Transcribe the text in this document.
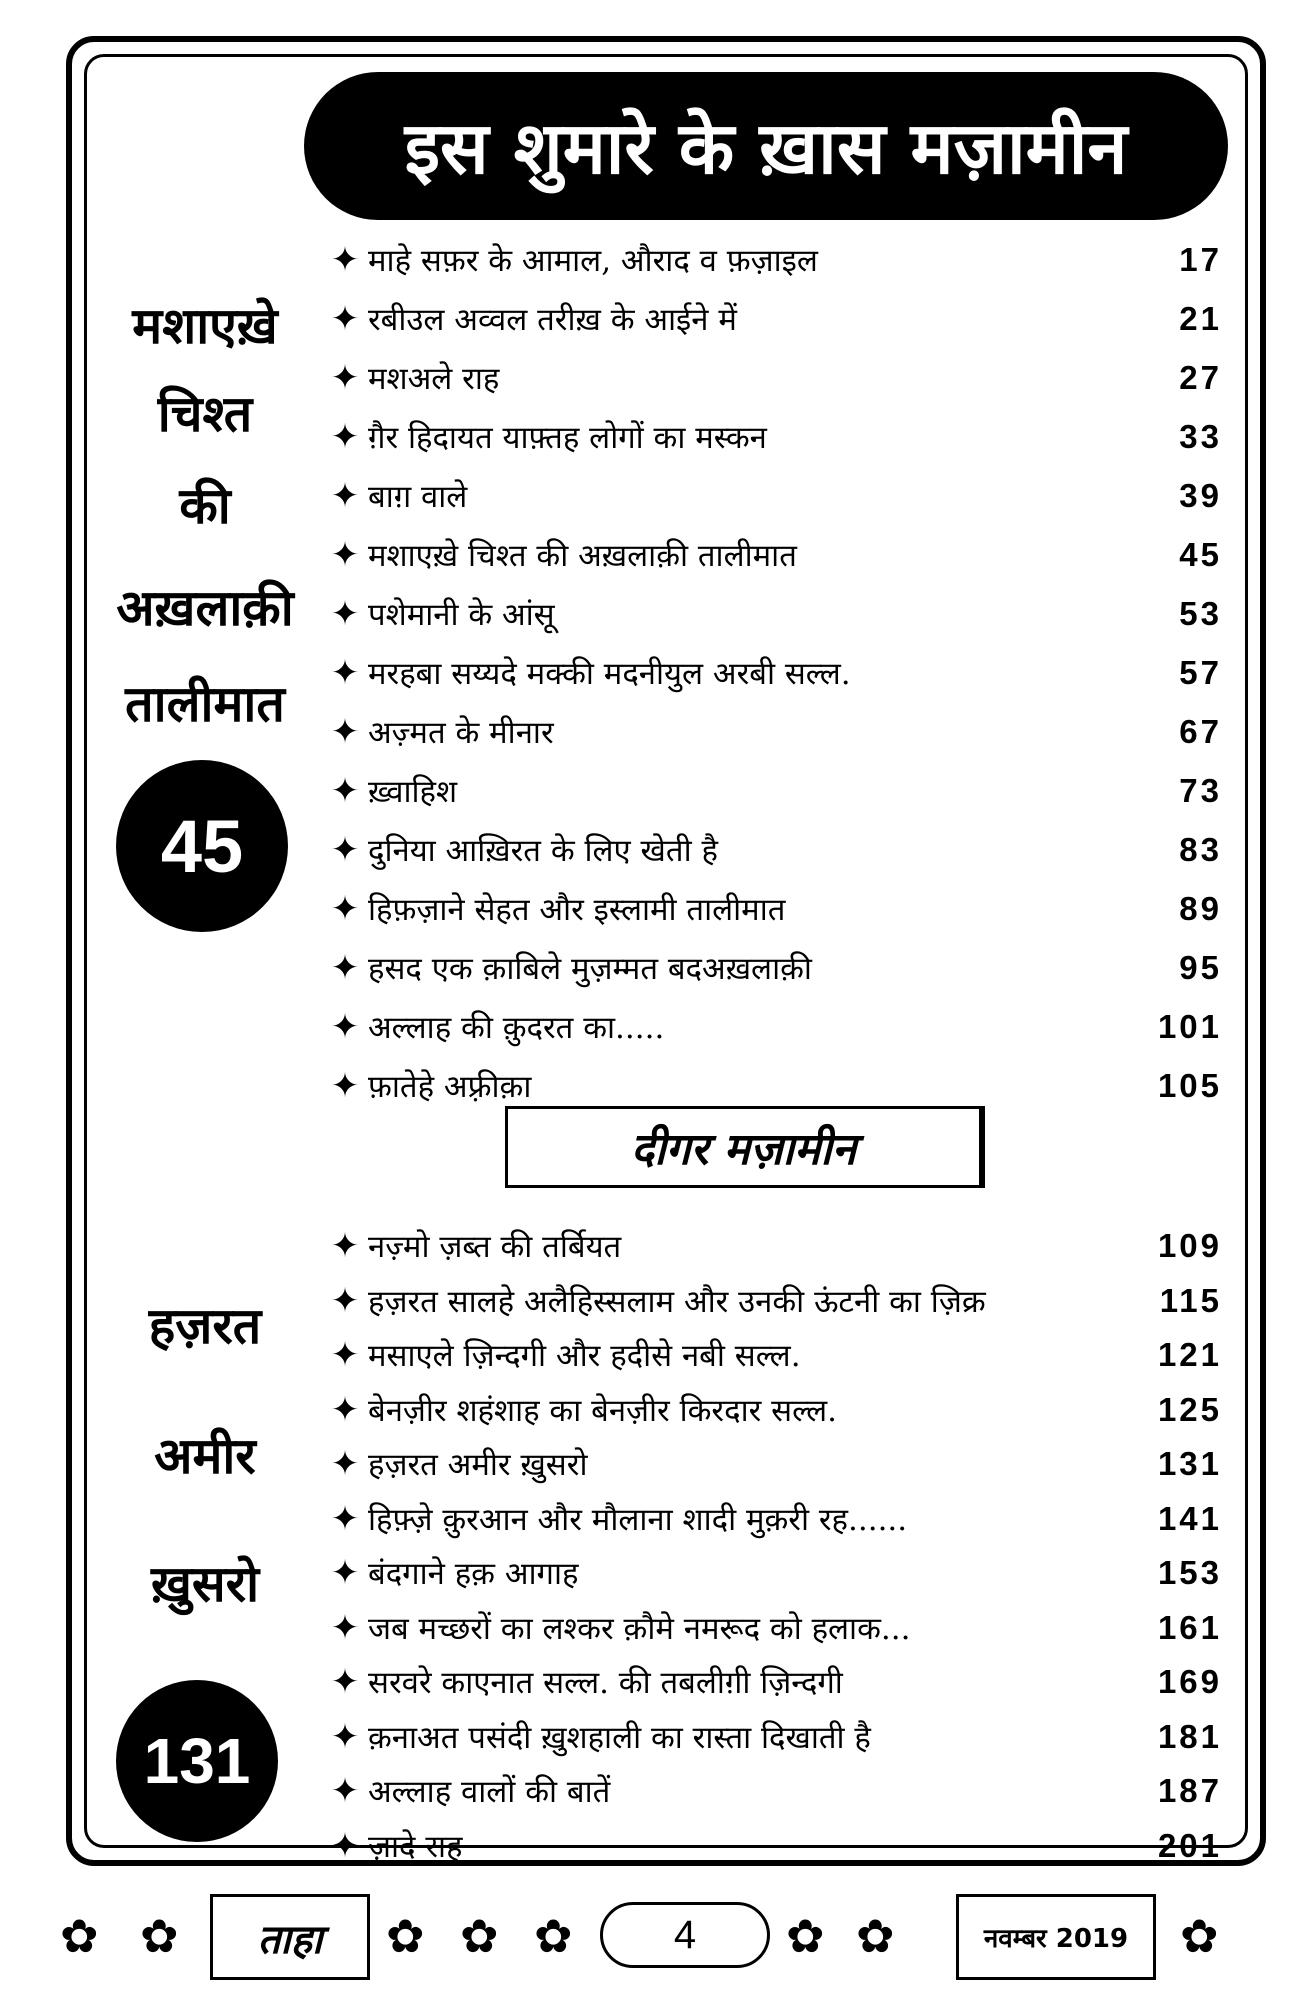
इस शुमारे के ख़ास मज़ामीन
मशाएख़े
चिश्त
की
अख़लाक़ी
तालीमात
45
हज़रत
अमीर
ख़ुसरो
131
✦ माहे सफ़र के आमाल, औराद व फ़ज़ाइल	17
✦ रबीउल अव्वल तरीख़ के आईने में	21
✦ मशअले राह	27
✦ ग़ैर हिदायत याफ़्तह लोगों का मस्कन	33
✦ बाग़ वाले	39
✦ मशाएख़े चिश्त की अख़लाक़ी तालीमात	45
✦ पशेमानी के आंसू	53
✦ मरहबा सय्यदे मक्की मदनीयुल अरबी सल्ल.	57
✦ अज़्मत के मीनार	67
✦ ख़्वाहिश	73
✦ दुनिया आख़िरत के लिए खेती है	83
✦ हिफ़ज़ाने सेहत और इस्लामी तालीमात	89
✦ हसद एक क़ाबिले मुज़म्मत बदअख़लाक़ी	95
✦ अल्लाह की क़ुदरत का.....	101
✦ फ़ातेहे अफ़्रीक़ा	105
दीगर मज़ामीन
✦ नज़्मो ज़ब्त की तर्बियत	109
✦ हज़रत सालहे अलैहिस्सलाम और उनकी ऊंटनी का ज़िक्र	115
✦ मसाएले ज़िन्दगी और हदीसे नबी सल्ल.	121
✦ बेनज़ीर शहंशाह का बेनज़ीर किरदार सल्ल.	125
✦ हज़रत अमीर ख़ुसरो	131
✦ हिफ़्ज़े क़ुरआन और मौलाना शादी मुक़री रह......	141
✦ बंदगाने हक़ आगाह	153
✦ जब मच्छरों का लश्कर क़ौमे नमरूद को हलाक...	161
✦ सरवरे काएनात सल्ल. की तबलीग़ी ज़िन्दगी	169
✦ क़नाअत पसंदी ख़ुशहाली का रास्ता दिखाती है	181
✦ अल्लाह वालों की बातें	187
✦ ज़ादे राह	201
✿ ✿	ताहा	✿ ✿ ✿	4	✿ ✿	नवम्बर 2019	✿
